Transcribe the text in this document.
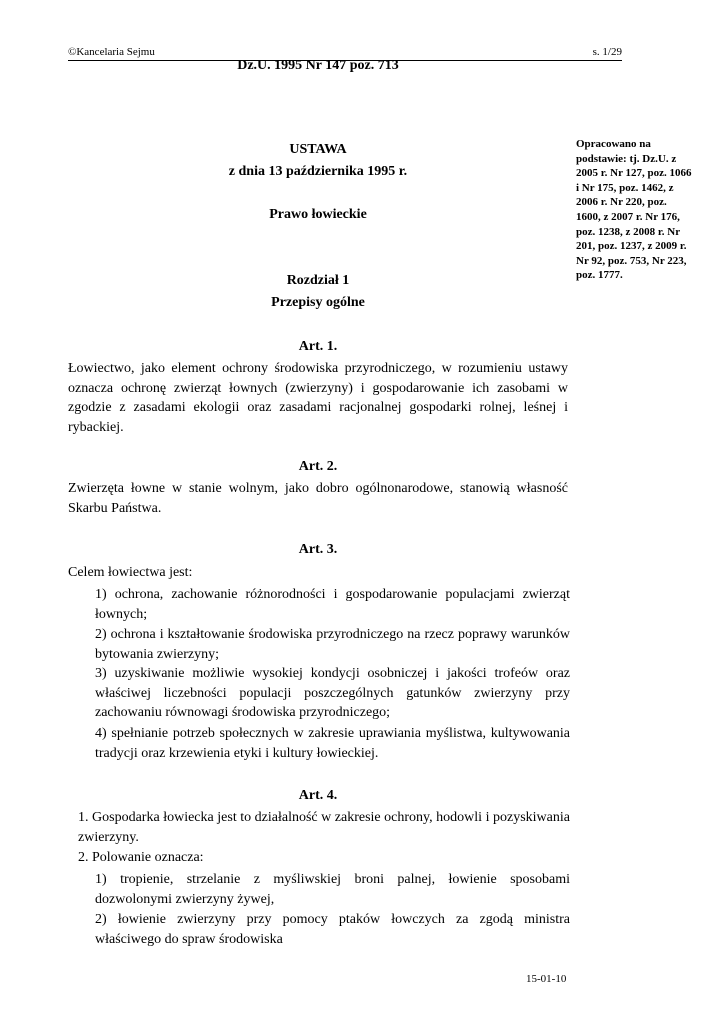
©Kancelaria Sejmu	s. 1/29
Dz.U. 1995 Nr 147 poz. 713
Opracowano na podstawie: tj. Dz.U. z 2005 r. Nr 127, poz. 1066 i Nr 175, poz. 1462, z 2006 r. Nr 220, poz. 1600, z 2007 r. Nr 176, poz. 1238, z 2008 r. Nr 201, poz. 1237, z 2009 r. Nr 92, poz. 753, Nr 223, poz. 1777.
USTAWA
z dnia 13 października 1995 r.
Prawo łowieckie
Rozdział 1
Przepisy ogólne
Art. 1.
Łowiectwo, jako element ochrony środowiska przyrodniczego, w rozumieniu ustawy oznacza ochronę zwierząt łownych (zwierzyny) i gospodarowanie ich zasobami w zgodzie z zasadami ekologii oraz zasadami racjonalnej gospodarki rolnej, leśnej i rybackiej.
Art. 2.
Zwierzęta łowne w stanie wolnym, jako dobro ogólnonarodowe, stanowią własność Skarbu Państwa.
Art. 3.
Celem łowiectwa jest:
1) ochrona, zachowanie różnorodności i gospodarowanie populacjami zwierząt łownych;
2) ochrona i kształtowanie środowiska przyrodniczego na rzecz poprawy warunków bytowania zwierzyny;
3) uzyskiwanie możliwie wysokiej kondycji osobniczej i jakości trofeów oraz właściwej liczebności populacji poszczególnych gatunków zwierzyny przy zachowaniu równowagi środowiska przyrodniczego;
4) spełnianie potrzeb społecznych w zakresie uprawiania myślistwa, kultywowania tradycji oraz krzewienia etyki i kultury łowieckiej.
Art. 4.
1. Gospodarka łowiecka jest to działalność w zakresie ochrony, hodowli i pozyskiwania zwierzyny.
2. Polowanie oznacza:
1) tropienie, strzelanie z myśliwskiej broni palnej, łowienie sposobami dozwolonymi zwierzyny żywej,
2) łowienie zwierzyny przy pomocy ptaków łowczych za zgodą ministra właściwego do spraw środowiska
15-01-10
